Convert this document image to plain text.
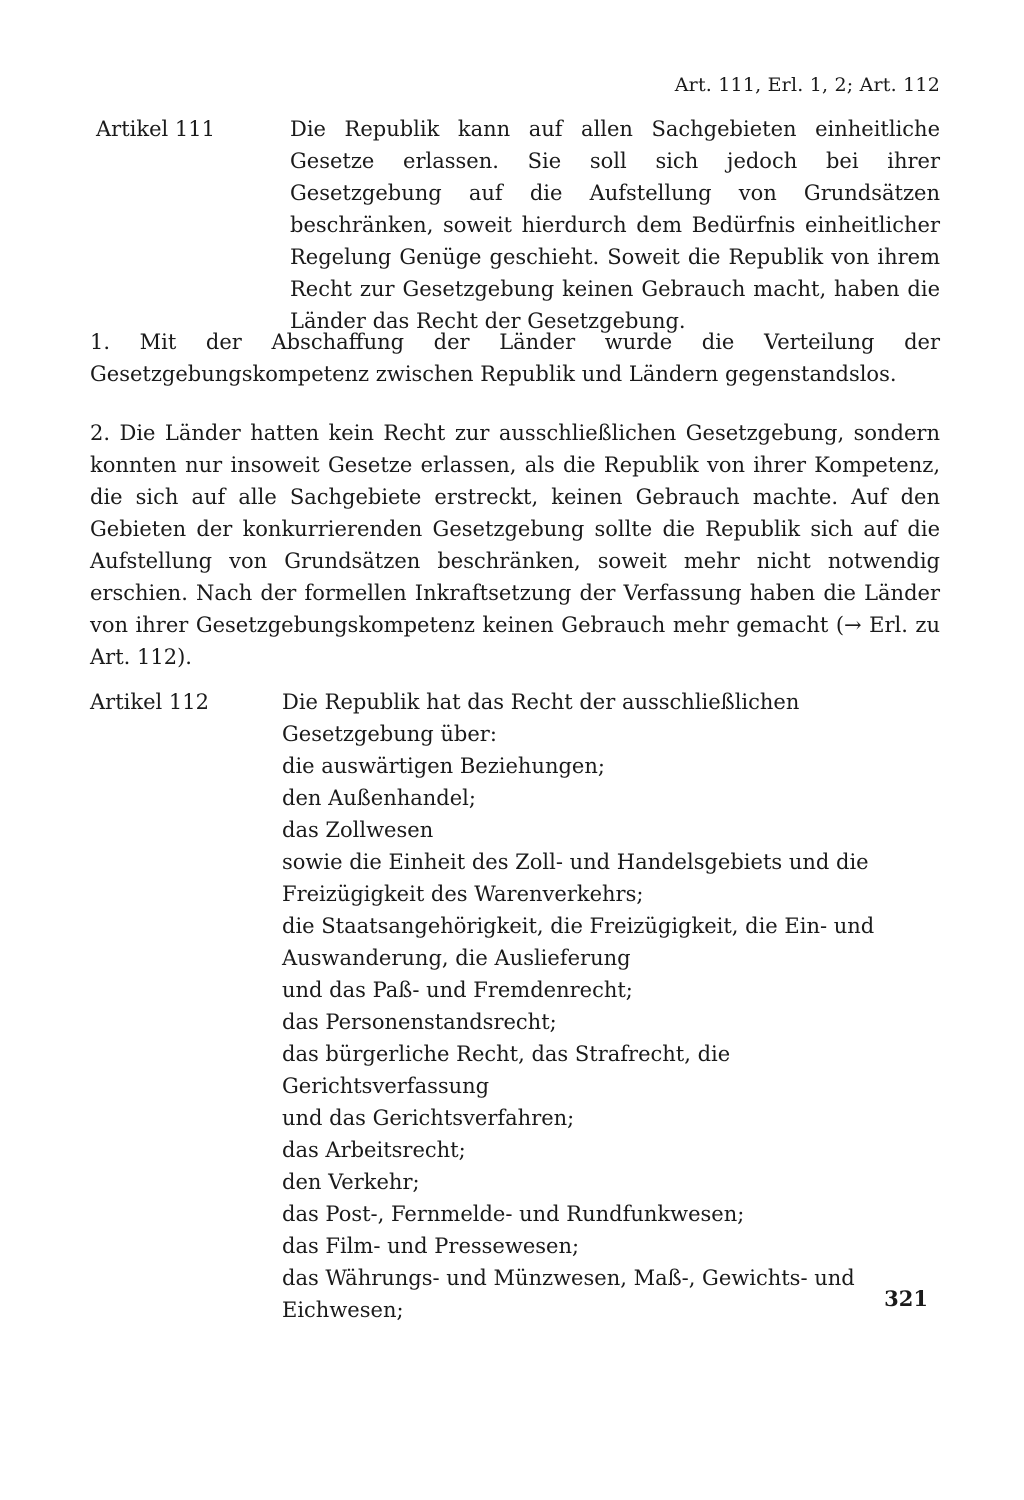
Art. 111, Erl. 1, 2; Art. 112
Artikel 111	Die Republik kann auf allen Sachgebieten einheitliche Gesetze erlassen. Sie soll sich jedoch bei ihrer Gesetzgebung auf die Aufstellung von Grundsätzen beschränken, soweit hierdurch dem Bedürfnis einheitlicher Regelung Genüge geschieht. Soweit die Republik von ihrem Recht zur Gesetzgebung keinen Gebrauch macht, haben die Länder das Recht der Gesetzgebung.
1. Mit der Abschaffung der Länder wurde die Verteilung der Gesetzgebungskompetenz zwischen Republik und Ländern gegenstandslos.
2. Die Länder hatten kein Recht zur ausschließlichen Gesetzgebung, sondern konnten nur insoweit Gesetze erlassen, als die Republik von ihrer Kompetenz, die sich auf alle Sachgebiete erstreckt, keinen Gebrauch machte. Auf den Gebieten der konkurrierenden Gesetzgebung sollte die Republik sich auf die Aufstellung von Grundsätzen beschränken, soweit mehr nicht notwendig erschien. Nach der formellen Inkraftsetzung der Verfassung haben die Länder von ihrer Gesetzgebungskompetenz keinen Gebrauch mehr gemacht (→ Erl. zu Art. 112).
Artikel 112	Die Republik hat das Recht der ausschließlichen Gesetzgebung über:
die auswärtigen Beziehungen;
den Außenhandel;
das Zollwesen
sowie die Einheit des Zoll- und Handelsgebiets und die Freizügigkeit des Warenverkehrs;
die Staatsangehörigkeit, die Freizügigkeit, die Ein- und Auswanderung, die Auslieferung
und das Paß- und Fremdenrecht;
das Personenstandsrecht;
das bürgerliche Recht, das Strafrecht, die Gerichtsverfassung
und das Gerichtsverfahren;
das Arbeitsrecht;
den Verkehr;
das Post-, Fernmelde- und Rundfunkwesen;
das Film- und Pressewesen;
das Währungs- und Münzwesen, Maß-, Gewichts- und Eichwesen;	321
